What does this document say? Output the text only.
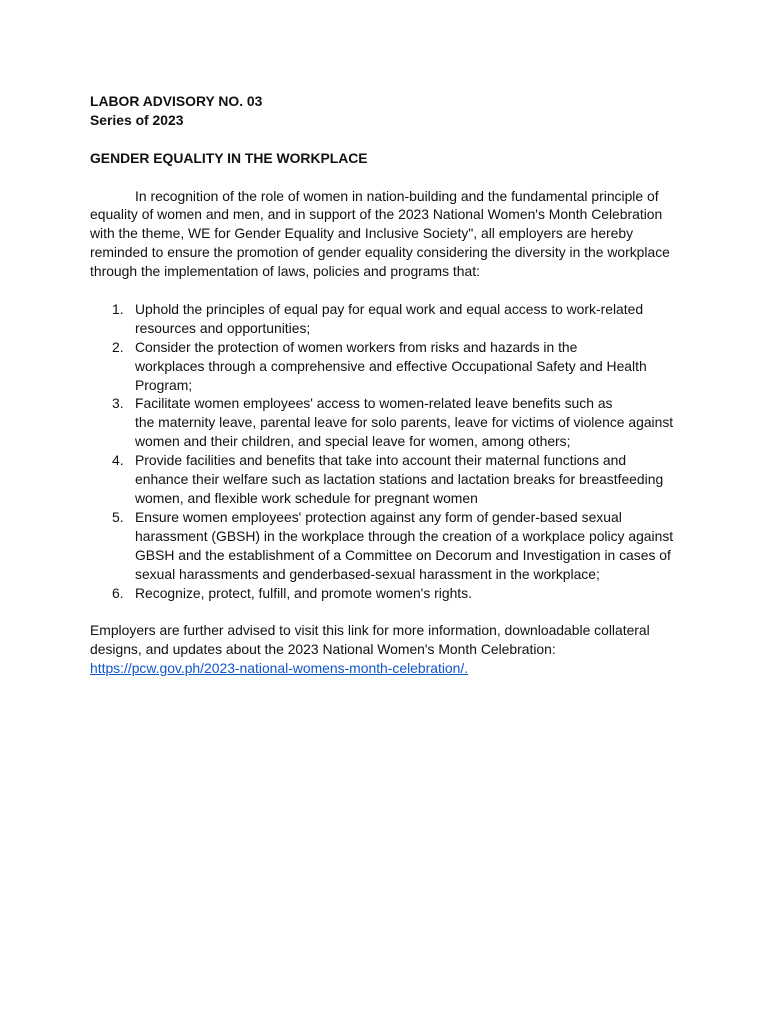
LABOR ADVISORY NO. 03

Series of 2023

GENDER EQUALITY IN THE WORKPLACE

In recognition of the role of women in nation-building and the fundamental principle of
equality of women and men, and in support of the 2023 National Women's Month Celebration
with the theme, WE for Gender Equality and Inclusive Society", all employers are hereby
reminded to ensure the promotion of gender equality considering the diversity in the workplace
through the implementation of laws, policies and programs that:

1. Uphold the principles of equal pay for equal work and equal access to work-related
resources and opportunities;
2. Consider the protection of women workers from risks and hazards in the
workplaces through a comprehensive and effective Occupational Safety and Health
Program;
3. Facilitate women employees' access to women-related leave benefits such as
the maternity leave, parental leave for solo parents, leave for victims of violence against
women and their children, and special leave for women, among others;
4. Provide facilities and benefits that take into account their maternal functions and
enhance their welfare such as lactation stations and lactation breaks for breastfeeding
women, and flexible work schedule for pregnant women
5. Ensure women employees' protection against any form of gender-based sexual
harassment (GBSH) in the workplace through the creation of a workplace policy against
GBSH and the establishment of a Committee on Decorum and Investigation in cases of
sexual harassments and genderbased-sexual harassment in the workplace;
6. Recognize, protect, fulfill, and promote women's rights.

Employers are further advised to visit this link for more information, downloadable collateral
designs, and updates about the 2023 National Women's Month Celebration:
https://pcw.gov.ph/2023-national-womens-month-celebration/.
